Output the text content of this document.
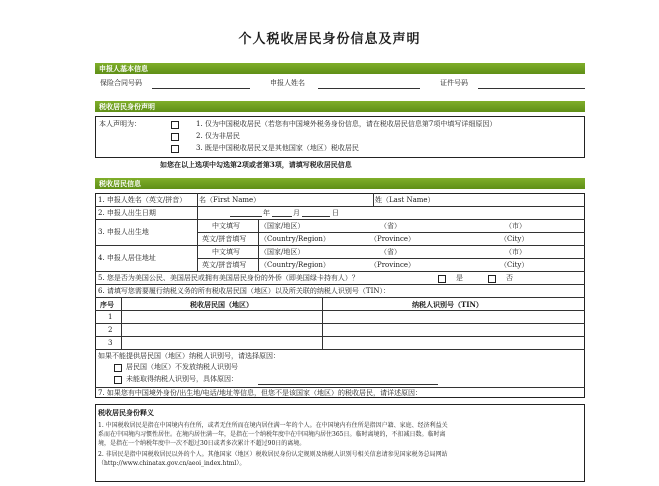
个人税收居民身份信息及声明
申报人基本信息
保险合同号码	申报人姓名	证件号码
税收居民身份声明
本人声明为：	1. 仅为中国税收居民（若您有中国境外税务身份信息，请在税收居民信息第7项中填写详细原因）
2. 仅为非居民
3. 既是中国税收居民又是其他国家（地区）税收居民
如您在以上选项中勾选第2项或者第3项，请填写税收居民信息
税收居民信息
1. 申报人姓名（英文/拼音） 名（First Name）	姓（Last Name）
2. 申报人出生日期	年	月	日
3. 申报人出生地
中文填写	（国家/地区）	（省）	（市）
英文/拼音填写 （Country/Region）	（Province）	（City）
4. 申报人居住地址
中文填写	（国家/地区）	（省）	（市）
英文/拼音填写 （Country/Region）	（Province）	（City）
5. 您是否为美国公民、美国居民或拥有美国居民身份的外侨（即美国绿卡持有人）？	是	否
6. 请填写您需要履行纳税义务的所有税收居民国（地区）以及所关联的纳税人识别号（TIN）：
序号	税收居民国（地区）	纳税人识别号（TIN）
1
2
3
如果不能提供居民国（地区）纳税人识别号，请选择原因：
居民国（地区）不发放纳税人识别号
未能取得纳税人识别号，具体原因：
7. 如果您有中国境外身份/出生地/电话/地址等信息，但您不是该国家（地区）的税收居民，请详述原因：
税收居民身份释义
1. 中国税收居民是指在中国境内有住所，或者无住所而在境内居住满一年的个人。在中国境内有住所是指因户籍、家庭、经济利益关
系而在中国境内习惯性居住。在境内居住满一年，是指在一个纳税年度中在中国境内居住365日。临时离境的，不扣减日数。临时离
境，是指在一个纳税年度中一次不超过30日或者多次累计不超过90日的离境。
2. 非居民是指中国税收居民以外的个人。其他国家（地区）税收居民身份认定规则及纳税人识别号相关信息请参见国家税务总局网站
（http://www.chinatax.gov.cn/aeoi_index.html）。
